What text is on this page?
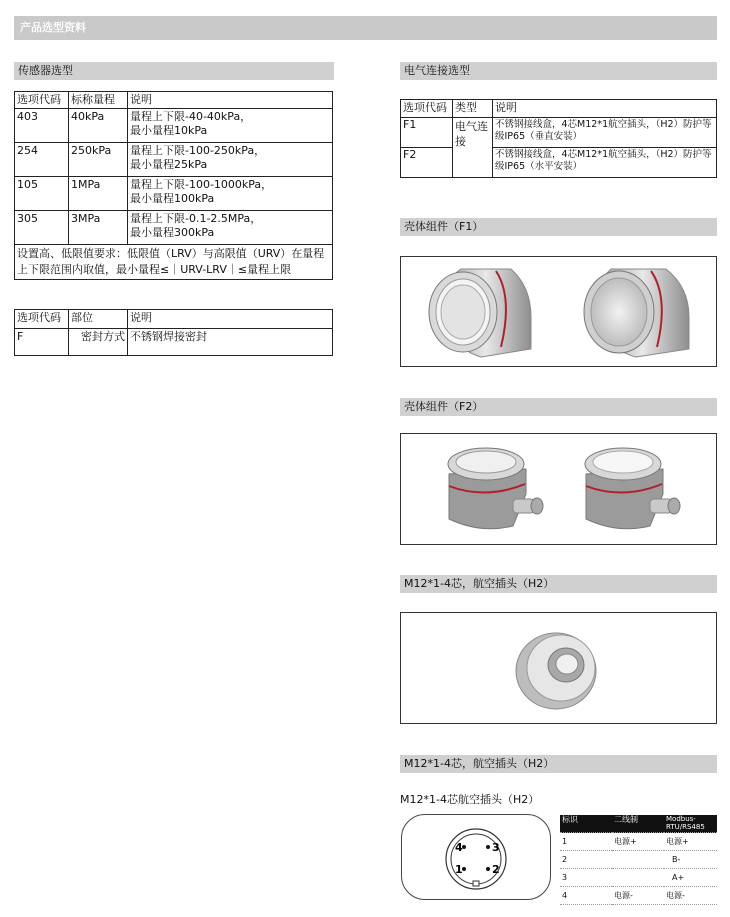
产品选型资料
传感器选型
选项代码	标称量程	说明
403	40kPa	量程上下限-40-40kPa，
最小量程10kPa

254	250kPa	量程上下限-100-250kPa，
最小量程25kPa

105	1MPa	量程上下限-100-1000kPa，
最小量程100kPa

305	3MPa	量程上下限-0.1-2.5MPa，
最小量程300kPa

设置高、低限值要求：低限值（LRV）与高限值（URV）在量程上下限范围内取值，最小量程≤｜URV-LRV｜≤量程上限		
选项代码	部位	说明
F	密封方式	不锈钢焊接密封
电气连接选型
选项代码	类型	说明
F1	电气连接	不锈钢接线盒，4芯M12*1航空插头，（H2）防护等级IP65（垂直安装）
F2		不锈钢接线盒，4芯M12*1航空插头，（H2）防护等级IP65（水平安装）
壳体组件（F1）
壳体组件（F2）
M12*1-4芯，航空插头（H2）
M12*1-4芯，航空插头（H2）
M12*1-4芯航空插头（H2）
4	3
1	2
标识	二线制	Modbus-RTU/RS485
1	电源+	电源+
2		B-
3		A+
4	电源-	电源-
